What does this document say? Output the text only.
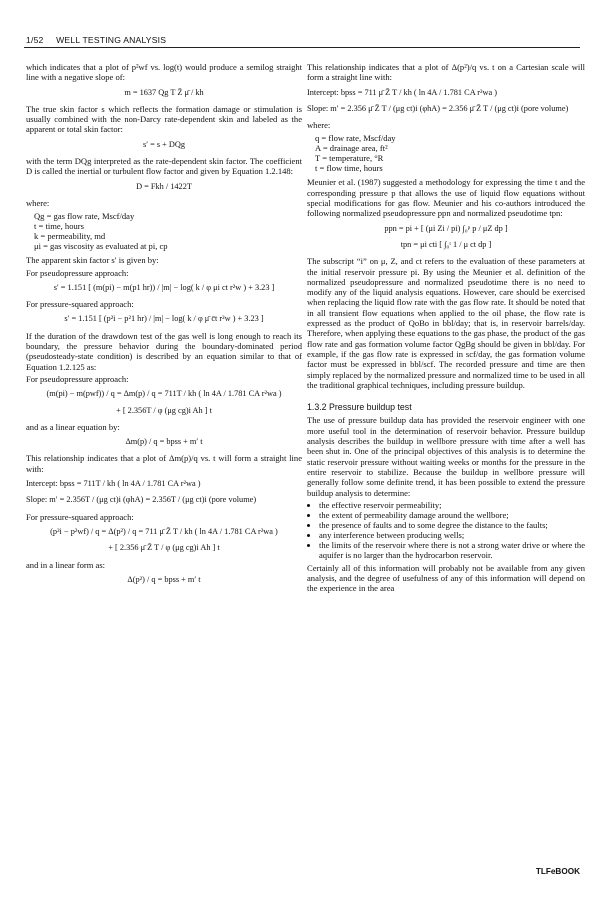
1/52 WELL TESTING ANALYSIS

which indicates that a plot of p²wf vs. log(t) would produce a semilog straight line with a negative slope of:

m = 1637 Qg T Z̄ μ̄ / kh

The true skin factor s which reflects the formation damage or stimulation is usually combined with the non-Darcy rate-dependent skin and labeled as the apparent or total skin factor:

s′ = s + DQg

with the term DQg interpreted as the rate-dependent skin factor. The coefficient D is called the inertial or turbulent flow factor and given by Equation 1.2.148:

D = Fkh / 1422T

where:

Qg = gas flow rate, Mscf/day
t = time, hours
k = permeability, md
μi = gas viscosity as evaluated at pi, cp

The apparent skin factor s′ is given by:

For pseudopressure approach:

s′ = 1.151 [ (m(pi) − m(p1 hr)) / |m| − log( k / φ μi ct r²w ) + 3.23 ]

For pressure-squared approach:

s′ = 1.151 [ (p²i − p²1 hr) / |m| − log( k / φ μ̄ c̄t r²w ) + 3.23 ]

If the duration of the drawdown test of the gas well is long enough to reach its boundary, the pressure behavior during the boundary-dominated period (pseudosteady-state condition) is described by an equation similar to that of Equation 1.2.125 as:

For pseudopressure approach:

(m(pi) − m(pwf)) / q = Δm(p) / q = 711T / kh ( ln 4A / 1.781 CA r²wa )
+ [ 2.356T / φ (μg cg)i Ah ] t

and as a linear equation by:

Δm(p) / q = bpss + m′ t

This relationship indicates that a plot of Δm(p)/q vs. t will form a straight line with:

Intercept: bpss = 711T / kh ( ln 4A / 1.781 CA r²wa )
Slope: m′ = 2.356T / (μg ct)i (φhA) = 2.356T / (μg ct)i (pore volume)

For pressure-squared approach:

(p²i − p²wf) / q = Δ(p²) / q = 711 μ̄ Z̄ T / kh ( ln 4A / 1.781 CA r²wa )
+ [ 2.356 μ̄ Z̄ T / φ (μg cg)i Ah ] t

and in a linear form as:

Δ(p²) / q = bpss + m′ t

This relationship indicates that a plot of Δ(p²)/q vs. t on a Cartesian scale will form a straight line with:

Intercept: bpss = 711 μ̄ Z̄ T / kh ( ln 4A / 1.781 CA r²wa )
Slope: m′ = 2.356 μ̄ Z̄ T / (μg ct)i (φhA) = 2.356 μ̄ Z̄ T / (μg ct)i (pore volume)

where:

q = flow rate, Mscf/day
A = drainage area, ft²
T = temperature, °R
t = flow time, hours

Meunier et al. (1987) suggested a methodology for expressing the time t and the corresponding pressure p that allows the use of liquid flow equations without special modifications for gas flow. Meunier and his co-authors introduced the following normalized pseudopressure ppn and normalized pseudotime tpn:

ppn = pi + [ (μi Zi / pi) ∫₀ᵖ p / μZ dp ]
tpn = μi cti [ ∫₀ᵗ 1 / μ ct dp ]

The subscript “i” on μ, Z, and ct refers to the evaluation of these parameters at the initial reservoir pressure pi. By using the Meunier et al. definition of the normalized pseudopressure and normalized pseudotime there is no need to modify any of the liquid analysis equations. However, care should be exercised when replacing the liquid flow rate with the gas flow rate. It should be noted that in all transient flow equations when applied to the oil phase, the flow rate is expressed as the product of QoBo in bbl/day; that is, in reservoir barrels/day. Therefore, when applying these equations to the gas phase, the product of the gas flow rate and gas formation volume factor QgBg should be given in bbl/day. For example, if the gas flow rate is expressed in scf/day, the gas formation volume factor must be expressed in bbl/scf. The recorded pressure and time are then simply replaced by the normalized pressure and normalized time to be used in all the traditional graphical techniques, including pressure buildup.

1.3.2 Pressure buildup test

The use of pressure buildup data has provided the reservoir engineer with one more useful tool in the determination of reservoir behavior. Pressure buildup analysis describes the buildup in wellbore pressure with time after a well has been shut in. One of the principal objectives of this analysis is to determine the static reservoir pressure without waiting weeks or months for the pressure in the entire reservoir to stabilize. Because the buildup in wellbore pressure will generally follow some definite trend, it has been possible to extend the pressure buildup analysis to determine:

• the effective reservoir permeability;
• the extent of permeability damage around the wellbore;
• the presence of faults and to some degree the distance to the faults;
• any interference between producing wells;
• the limits of the reservoir where there is not a strong water drive or where the aquifer is no larger than the hydrocarbon reservoir.

Certainly all of this information will probably not be available from any given analysis, and the degree of usefulness of any of this information will depend on the experience in the area

TLFeBOOK
